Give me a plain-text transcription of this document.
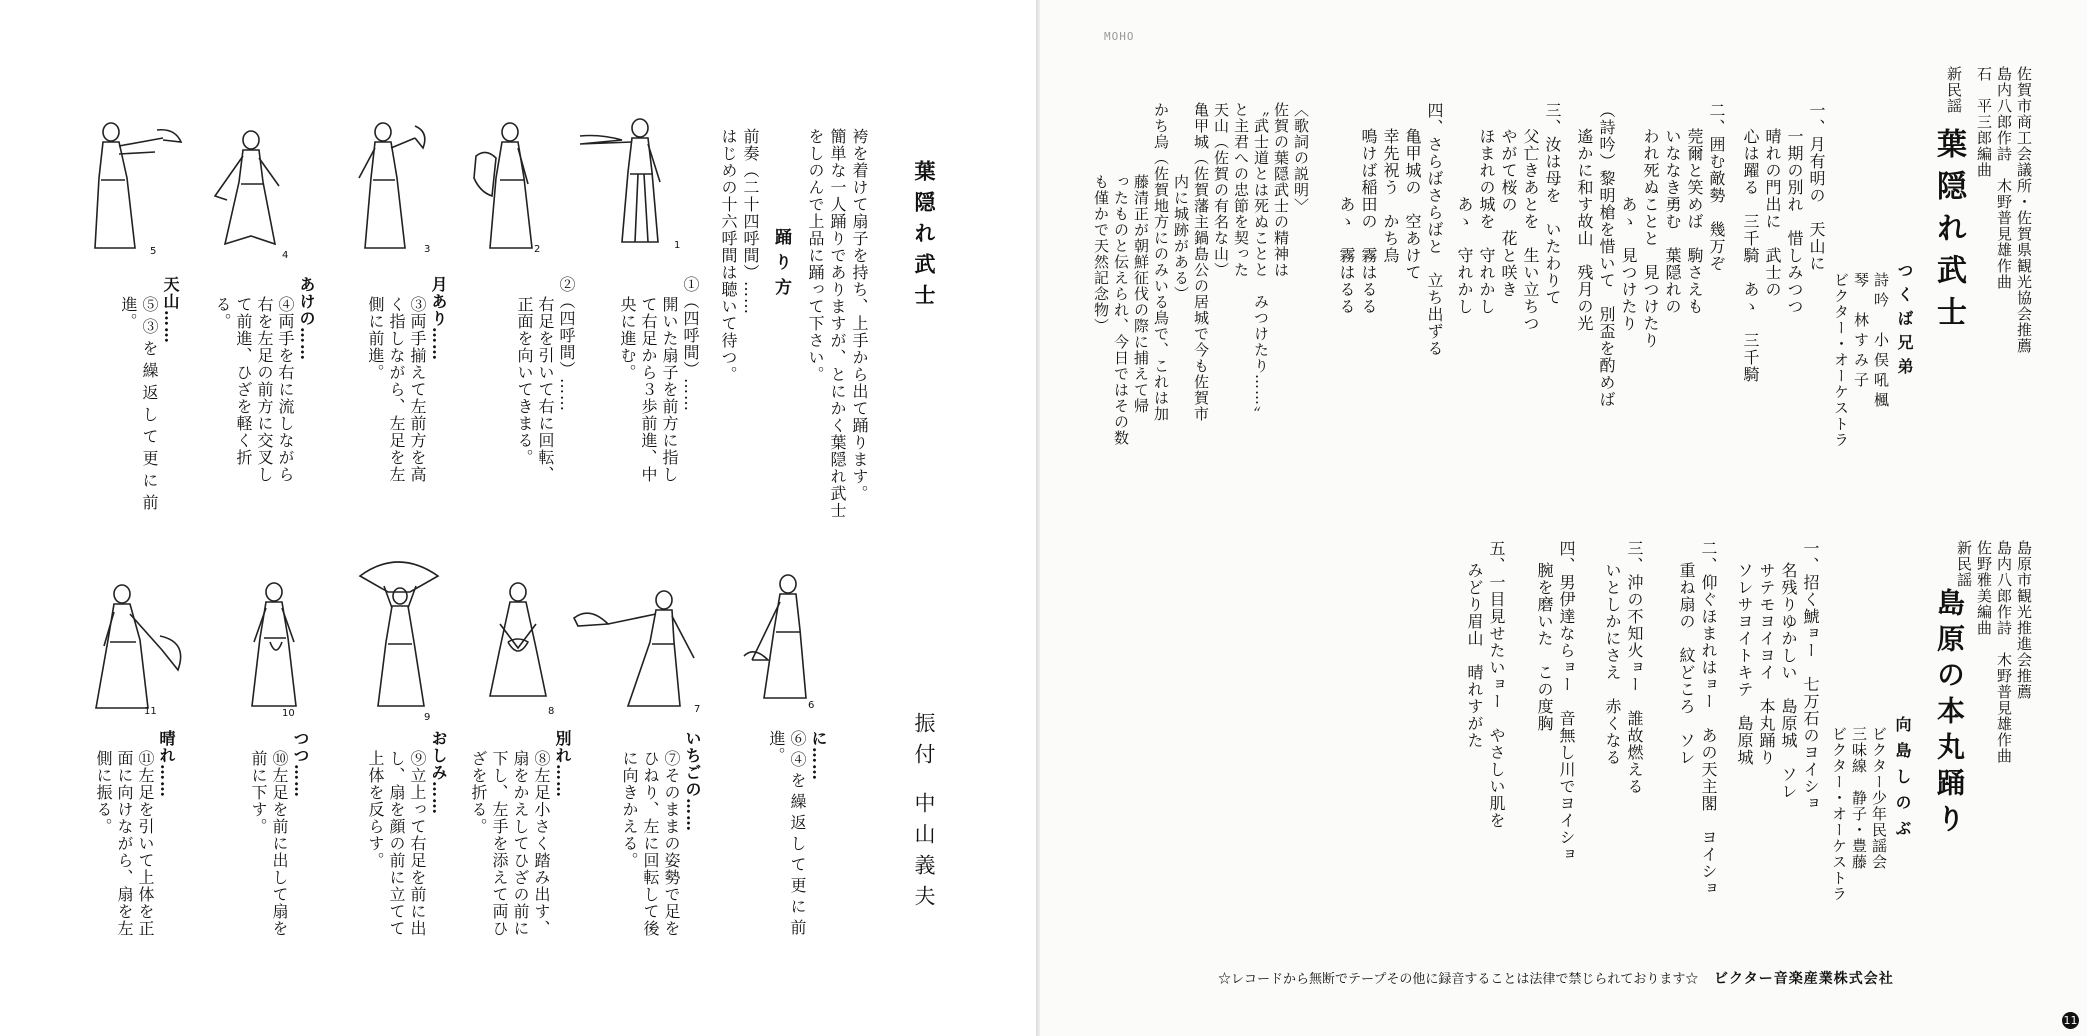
葉隠れ武士
振付
中山義夫
袴を着けて扇子を持ち、上手から出て踊ります。
簡単な一人踊りでありますが、とにかく葉隠れ武士
をしのんで上品に踊って下さい。
踊り方
前奏（二十四呼間）……
はじめの十六呼間は聴いて待つ。
1
2
3
4
5
①（四呼間）……
開いた扇子を前方に指し
て右足から３歩前進、中
央に進む。
②（四呼間）……
右足を引いて右に回転、
正面を向いてきまる。
月あり……
③両手揃えて左前方を高
く指しながら、左足を左
側に前進。
あけの……
④両手を右に流しながら
右を左足の前方に交叉し
て前進、ひざを軽く折
る。
天山……
⑤③を繰返して更に前
進。
6
7
8
9
10
11
に……
⑥④を繰返して更に前
進。
いちごの……
⑦そのままの姿勢で足を
ひねり、左に回転して後
に向きかえる。
別れ……
⑧左足小さく踏み出す、
扇をかえしてひざの前に
下し、左手を添えて両ひ
ざを折る。
おしみ……
⑨立上って右足を前に出
し、扇を顔の前に立てて
上体を反らす。
つつ……
⑩左足を前に出して扇を
前に下す。
晴れ……
⑪左足を引いて上体を正
面に向けながら、扇を左
側に振る。
MOHO
佐賀市商工会議所・佐賀県観光協会推薦
島内八郎作詩　木野普見雄作曲
石　平三郎編曲
新民謡
葉隠れ武士
つくば兄弟
詩吟　小俣吼楓
琴　林すみ子
ビクター・オーケストラ
一、月有明の　天山に
一期の別れ　惜しみつつ
晴れの門出に　武士の
心は躍る　三千騎　あゝ　三千騎
二、囲む敵勢　幾万ぞ
莞爾と笑めば　駒さえも
いななき勇む　葉隠れの
われ死ぬことと　見つけたり
あゝ　見つけたり
（詩吟）黎明槍を惜いて　別盃を酌めば
遙かに和す故山　残月の光
三、汝は母を　いたわりて
父亡きあとを　生い立ちつ
やがて桜の　花と咲き
ほまれの城を　守れかし
あゝ　守れかし
四、さらばさらばと　立ち出ずる
亀甲城の　空あけて
幸先祝う　かち烏
鳴けば稲田の　霧はるる
あゝ　霧はるる
〈歌詞の説明〉
佐賀の葉隠武士の精神は
〝武士道とは死ぬことと　みつけたり……〟
と主君への忠節を契った
天山（佐賀の有名な山）
亀甲城（佐賀藩主鍋島公の居城で今も佐賀市
内に城跡がある）
かち烏（佐賀地方にのみいる鳥で、これは加
藤清正が朝鮮征伐の際に捕えて帰
ったものと伝えられ、今日ではその数
も僅かで天然記念物）
島原市観光推進会推薦
島内八郎作詩　木野普見雄作曲
佐野雅美編曲
新民謡
島原の本丸踊り
向島しのぶ
ビクター少年民謡会
三味線　静子・豊藤
ビクター・オーケストラ
一、招く鯱ョー　七万石のヨイショ
名残りゆかしい　島原城　ソレ
サテモヨイヨイ　本丸踊り
ソレサヨイトキテ　島原城
二、仰ぐほまれはョー　あの天主閣　ヨイショ
重ね扇の　紋どころ　ソレ
三、沖の不知火ョー　誰故燃える
いとしかにさえ　赤くなる
四、男伊達ならョー　音無し川でヨイショ
腕を磨いた　この度胸
五、一目見せたいョー　やさしい肌を
みどり眉山　晴れすがた
☆レコードから無断でテープその他に録音することは法律で禁じられております☆ ビクター音楽産業株式会社
11
